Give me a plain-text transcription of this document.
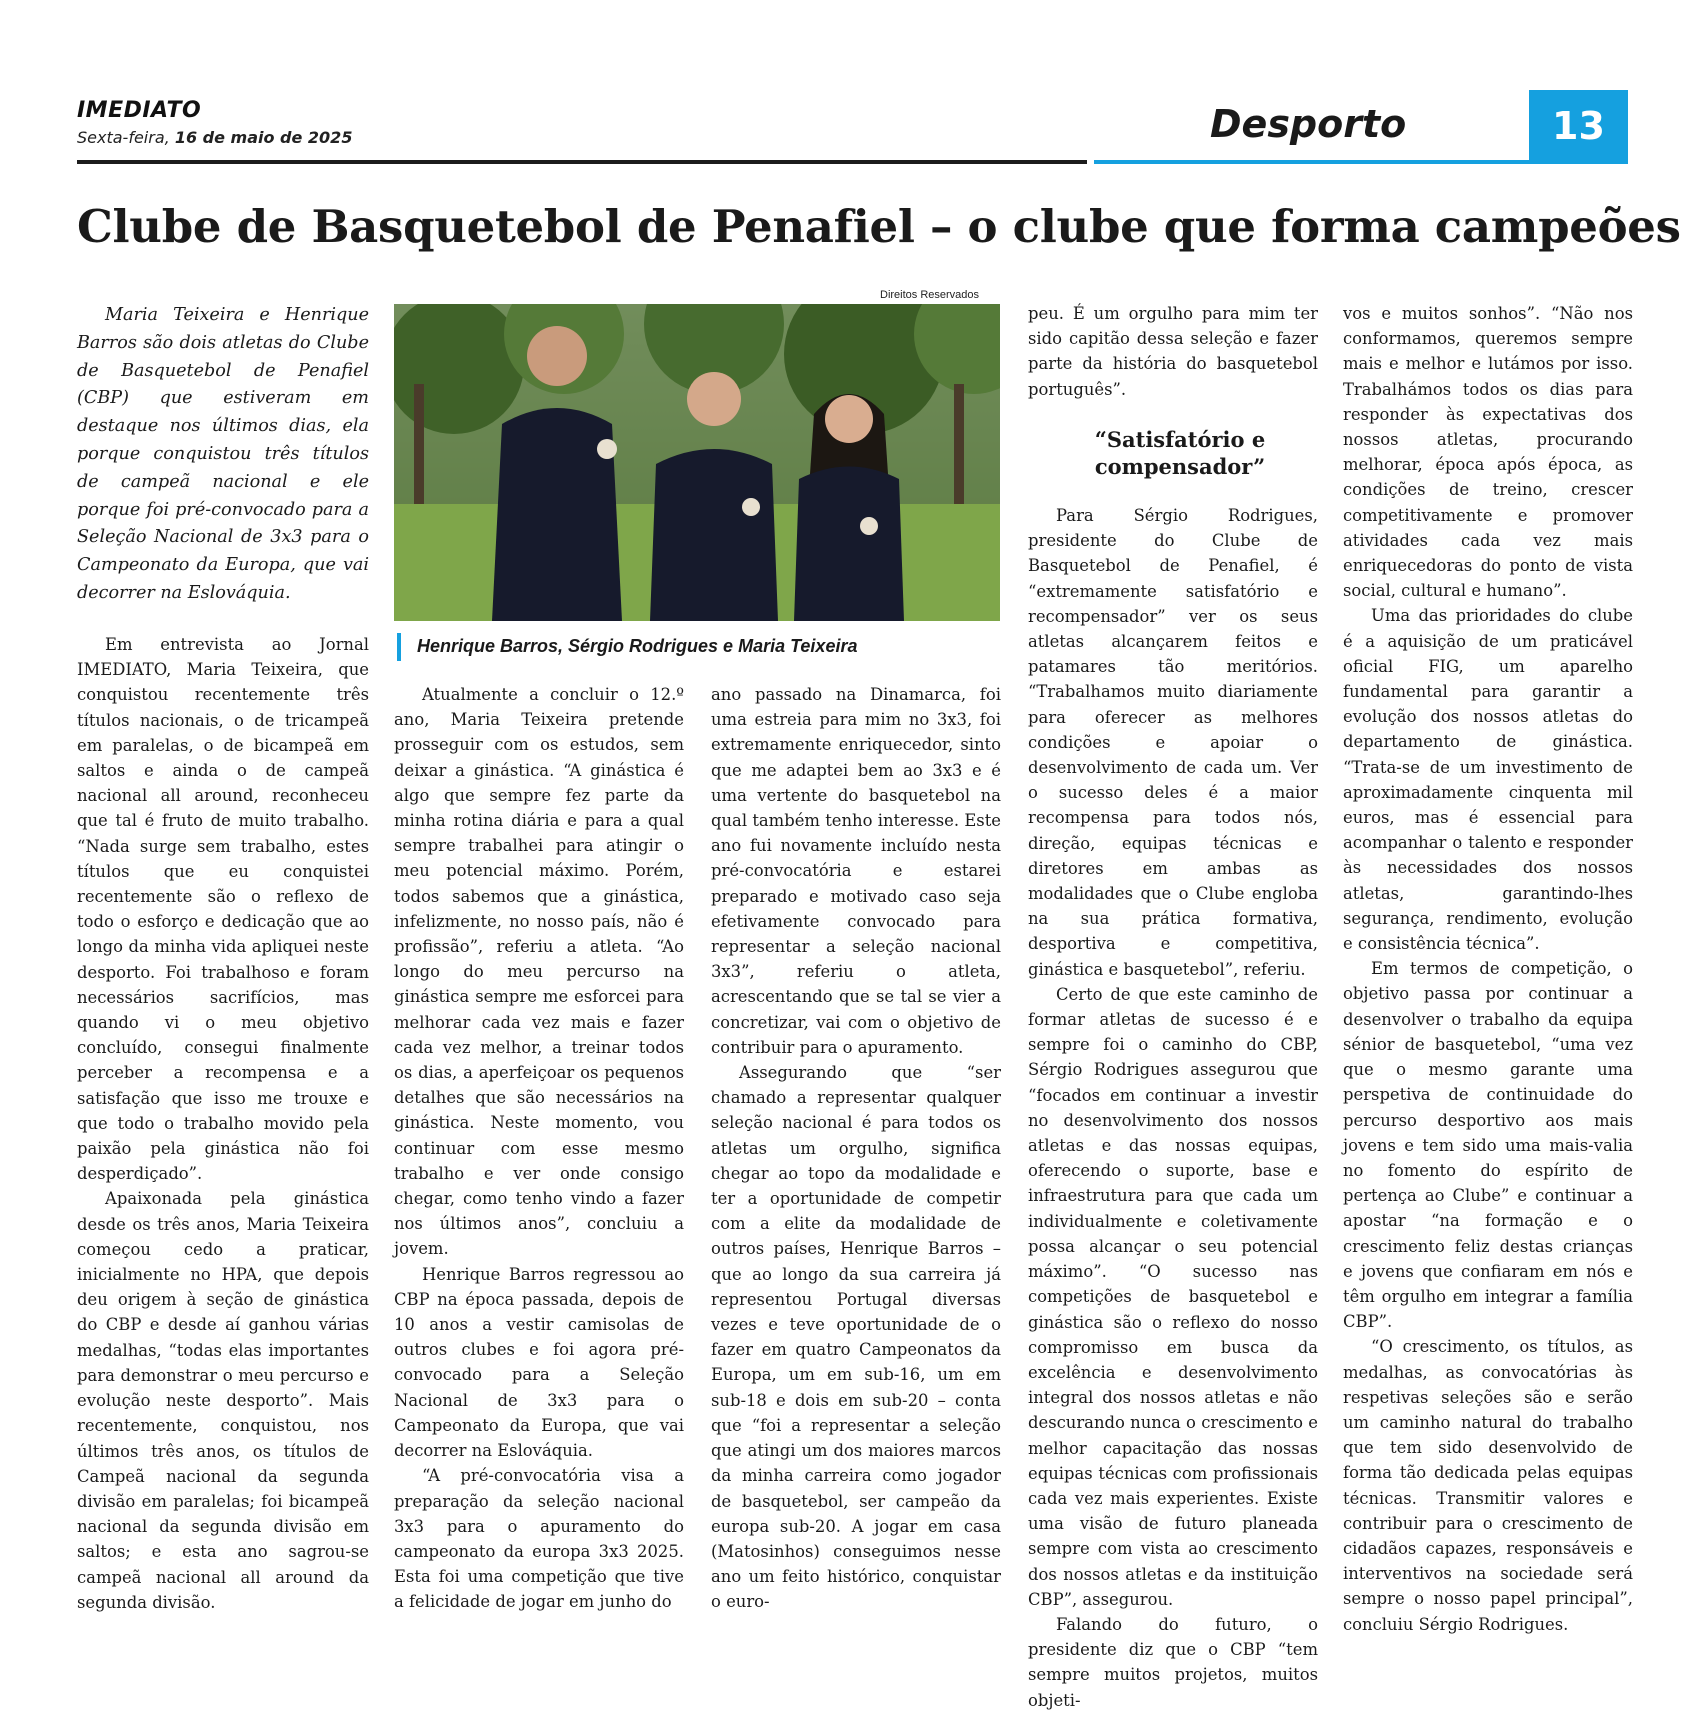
IMEDIATO
Sexta-feira, 16 de maio de 2025	Desporto	13
Clube de Basquetebol de Penafiel – o clube que forma campeões

Maria Teixeira e Henrique Barros são dois atletas do Clube de Basquetebol de Penafiel (CBP) que estiveram em destaque nos últimos dias, ela porque conquistou três títulos de campeã nacional e ele porque foi pré-convocado para a Seleção Nacional de 3x3 para o Campeonato da Europa, que vai decorrer na Eslováquia.

Direitos Reservados
Henrique Barros, Sérgio Rodrigues e Maria Teixeira

Em entrevista ao Jornal IMEDIATO, Maria Teixeira, que conquistou recentemente três títulos nacionais, o de tricampeã em paralelas, o de bicampeã em saltos e ainda o de campeã nacional all around, reconheceu que tal é fruto de muito trabalho. “Nada surge sem trabalho, estes títulos que eu conquistei recentemente são o reflexo de todo o esforço e dedicação que ao longo da minha vida apliquei neste desporto. Foi trabalhoso e foram necessários sacrifícios, mas quando vi o meu objetivo concluído, consegui finalmente perceber a recompensa e a satisfação que isso me trouxe e que todo o trabalho movido pela paixão pela ginástica não foi desperdiçado”.

Apaixonada pela ginástica desde os três anos, Maria Teixeira começou cedo a praticar, inicialmente no HPA, que depois deu origem à seção de ginástica do CBP e desde aí ganhou várias medalhas, “todas elas importantes para demonstrar o meu percurso e evolução neste desporto”. Mais recentemente, conquistou, nos últimos três anos, os títulos de Campeã nacional da segunda divisão em paralelas; foi bicampeã nacional da segunda divisão em saltos; e esta ano sagrou-se campeã nacional all around da segunda divisão.

Atualmente a concluir o 12.º ano, Maria Teixeira pretende prosseguir com os estudos, sem deixar a ginástica. “A ginástica é algo que sempre fez parte da minha rotina diária e para a qual sempre trabalhei para atingir o meu potencial máximo. Porém, todos sabemos que a ginástica, infelizmente, no nosso país, não é profissão”, referiu a atleta. “Ao longo do meu percurso na ginástica sempre me esforcei para melhorar cada vez mais e fazer cada vez melhor, a treinar todos os dias, a aperfeiçoar os pequenos detalhes que são necessários na ginástica. Neste momento, vou continuar com esse mesmo trabalho e ver onde consigo chegar, como tenho vindo a fazer nos últimos anos”, concluiu a jovem.

Henrique Barros regressou ao CBP na época passada, depois de 10 anos a vestir camisolas de outros clubes e foi agora pré-convocado para a Seleção Nacional de 3x3 para o Campeonato da Europa, que vai decorrer na Eslováquia.

“A pré-convocatória visa a preparação da seleção nacional 3x3 para o apuramento do campeonato da europa 3x3 2025. Esta foi uma competição que tive a felicidade de jogar em junho do

ano passado na Dinamarca, foi uma estreia para mim no 3x3, foi extremamente enriquecedor, sinto que me adaptei bem ao 3x3 e é uma vertente do basquetebol na qual também tenho interesse. Este ano fui novamente incluído nesta pré-convocatória e estarei preparado e motivado caso seja efetivamente convocado para representar a seleção nacional 3x3”, referiu o atleta, acrescentando que se tal se vier a concretizar, vai com o objetivo de contribuir para o apuramento.

Assegurando que “ser chamado a representar qualquer seleção nacional é para todos os atletas um orgulho, significa chegar ao topo da modalidade e ter a oportunidade de competir com a elite da modalidade de outros países, Henrique Barros – que ao longo da sua carreira já representou Portugal diversas vezes e teve oportunidade de o fazer em quatro Campeonatos da Europa, um em sub-16, um em sub-18 e dois em sub-20 – conta que “foi a representar a seleção que atingi um dos maiores marcos da minha carreira como jogador de basquetebol, ser campeão da europa sub-20. A jogar em casa (Matosinhos) conseguimos nesse ano um feito histórico, conquistar o euro-

peu. É um orgulho para mim ter sido capitão dessa seleção e fazer parte da história do basquetebol português”.

“Satisfatório e compensador”

Para Sérgio Rodrigues, presidente do Clube de Basquetebol de Penafiel, é “extremamente satisfatório e recompensador” ver os seus atletas alcançarem feitos e patamares tão meritórios. “Trabalhamos muito diariamente para oferecer as melhores condições e apoiar o desenvolvimento de cada um. Ver o sucesso deles é a maior recompensa para todos nós, direção, equipas técnicas e diretores em ambas as modalidades que o Clube engloba na sua prática formativa, desportiva e competitiva, ginástica e basquetebol”, referiu.

Certo de que este caminho de formar atletas de sucesso é e sempre foi o caminho do CBP, Sérgio Rodrigues assegurou que “focados em continuar a investir no desenvolvimento dos nossos atletas e das nossas equipas, oferecendo o suporte, base e infraestrutura para que cada um individualmente e coletivamente possa alcançar o seu potencial máximo”. “O sucesso nas competições de basquetebol e ginástica são o reflexo do nosso compromisso em busca da excelência e desenvolvimento integral dos nossos atletas e não descurando nunca o crescimento e melhor capacitação das nossas equipas técnicas com profissionais cada vez mais experientes. Existe uma visão de futuro planeada sempre com vista ao crescimento dos nossos atletas e da instituição CBP”, assegurou.

Falando do futuro, o presidente diz que o CBP “tem sempre muitos projetos, muitos objeti-

vos e muitos sonhos”. “Não nos conformamos, queremos sempre mais e melhor e lutámos por isso. Trabalhámos todos os dias para responder às expectativas dos nossos atletas, procurando melhorar, época após época, as condições de treino, crescer competitivamente e promover atividades cada vez mais enriquecedoras do ponto de vista social, cultural e humano”.

Uma das prioridades do clube é a aquisição de um praticável oficial FIG, um aparelho fundamental para garantir a evolução dos nossos atletas do departamento de ginástica. “Trata-se de um investimento de aproximadamente cinquenta mil euros, mas é essencial para acompanhar o talento e responder às necessidades dos nossos atletas, garantindo-lhes segurança, rendimento, evolução e consistência técnica”.

Em termos de competição, o objetivo passa por continuar a desenvolver o trabalho da equipa sénior de basquetebol, “uma vez que o mesmo garante uma perspetiva de continuidade do percurso desportivo aos mais jovens e tem sido uma mais-valia no fomento do espírito de pertença ao Clube” e continuar a apostar “na formação e o crescimento feliz destas crianças e jovens que confiaram em nós e têm orgulho em integrar a família CBP”.

“O crescimento, os títulos, as medalhas, as convocatórias às respetivas seleções são e serão um caminho natural do trabalho que tem sido desenvolvido de forma tão dedicada pelas equipas técnicas. Transmitir valores e contribuir para o crescimento de cidadãos capazes, responsáveis e interventivos na sociedade será sempre o nosso papel principal”, concluiu Sérgio Rodrigues.
